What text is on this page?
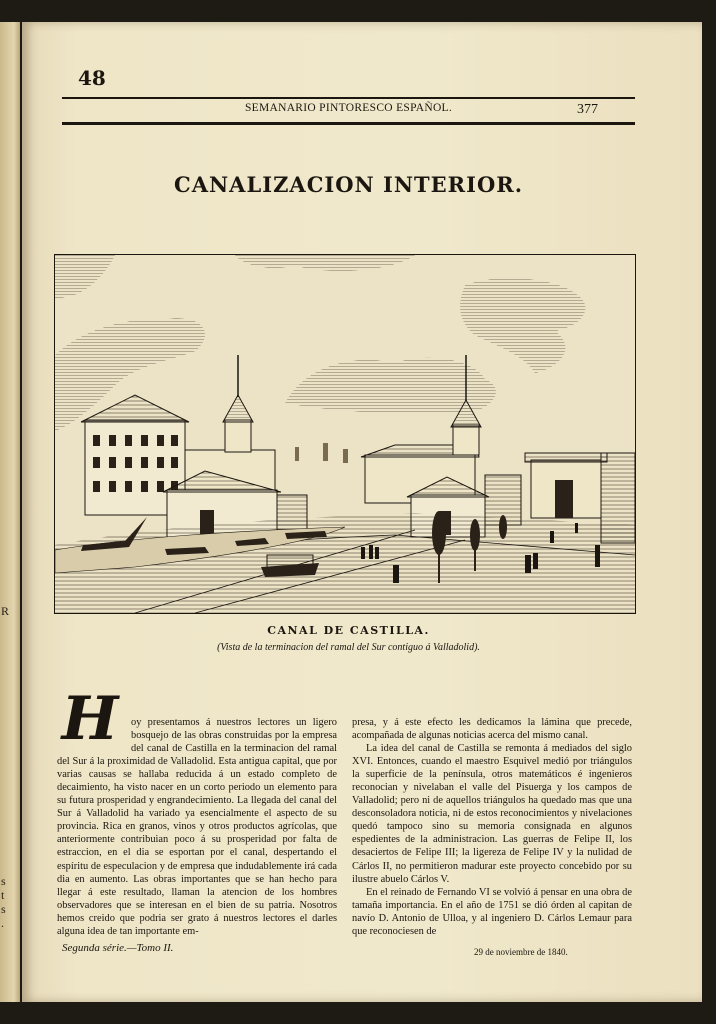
R
s
t
s
.
48
SEMANARIO PINTORESCO ESPAÑOL.	377
CANALIZACION INTERIOR.
CANAL DE CASTILLA.
(Vista de la terminacion del ramal del Sur contiguo á Valladolid).

H	oy presentamos á nuestros lectores un ligero bosquejo de las obras construidas por la empresa del canal de Castilla en la terminacion del ramal del Sur á la proximidad de Valladolid. Esta antigua capital, que por varias causas se hallaba reducida á un estado completo de decaimiento, ha visto nacer en un corto periodo un elemento para su futura prosperidad y engrandecimiento. La llegada del canal del Sur á Valladolid ha variado ya esencialmente el aspecto de su provincia. Rica en granos, vinos y otros productos agrícolas, que anteriormente contribuian poco á su prosperidad por falta de estraccion, en el dia se esportan por el canal, despertando el espíritu de especulacion y de empresa que indudablemente irá cada dia en aumento. Las obras importantes que se han hecho para llegar á este resultado, llaman la atencion de los hombres observadores que se interesan en el bien de su patria. Nosotros hemos creido que podria ser grato á nuestros lectores el darles alguna idea de tan importante em-

presa, y á este efecto les dedicamos la lámina que precede, acompañada de algunas noticias acerca del mismo canal.

La idea del canal de Castilla se remonta á mediados del siglo XVI. Entonces, cuando el maestro Esquivel medió por triángulos la superficie de la península, otros matemáticos é ingenieros reconocian y nivelaban el valle del Pisuerga y los campos de Valladolid; pero ni de aquellos triángulos ha quedado mas que una desconsoladora noticia, ni de estos reconocimientos y nivelaciones quedó tampoco sino su memoria consignada en algunos espedientes de la administracion. Las guerras de Felipe II, los desaciertos de Felipe III; la ligereza de Felipe IV y la nulidad de Cárlos II, no permitieron madurar este proyecto concebido por su ilustre abuelo Cárlos V.

En el reinado de Fernando VI se volvió á pensar en una obra de tamaña importancia. En el año de 1751 se dió órden al capitan de navío D. Antonio de Ulloa, y al ingeniero D. Cárlos Lemaur para que reconociesen de

Segunda série.—Tomo II.	29 de noviembre de 1840.
